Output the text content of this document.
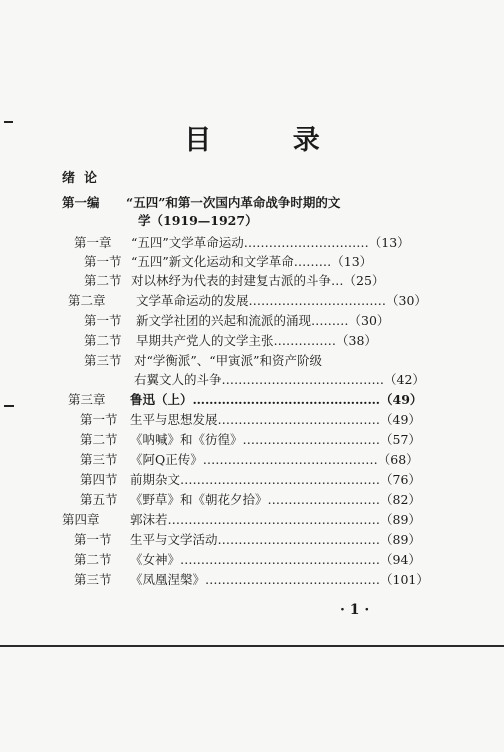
目 录
绪  论
第一编 “五四”和第一次国内革命战争时期的文
学（1919—1927）
第一章 “五四”文学革命运动…………………………（13）
第一节 “五四”新文化运动和文学革命………（13）
第二节 对以林纾为代表的封建复古派的斗争…（25）
第二章 文学革命运动的发展……………………………（30）
第一节 新文学社团的兴起和流派的涌现………（30）
第二节 早期共产党人的文学主张……………（38）
第三节 对“学衡派”、“甲寅派”和资产阶级
右翼文人的斗争…………………………………（42）
第三章 鲁迅（上）………………………………………（49）
第一节 生平与思想发展…………………………………（49）
第二节 《呐喊》和《彷徨》……………………………（57）
第三节 《阿Q正传》……………………………………（68）
第四节 前期杂文…………………………………………（76）
第五节 《野草》和《朝花夕拾》………………………（82）
第四章 郭沫若……………………………………………（89）
第一节 生平与文学活动…………………………………（89）
第二节 《女神》…………………………………………（94）
第三节 《凤凰涅槃》……………………………………（101）
· 1 ·
